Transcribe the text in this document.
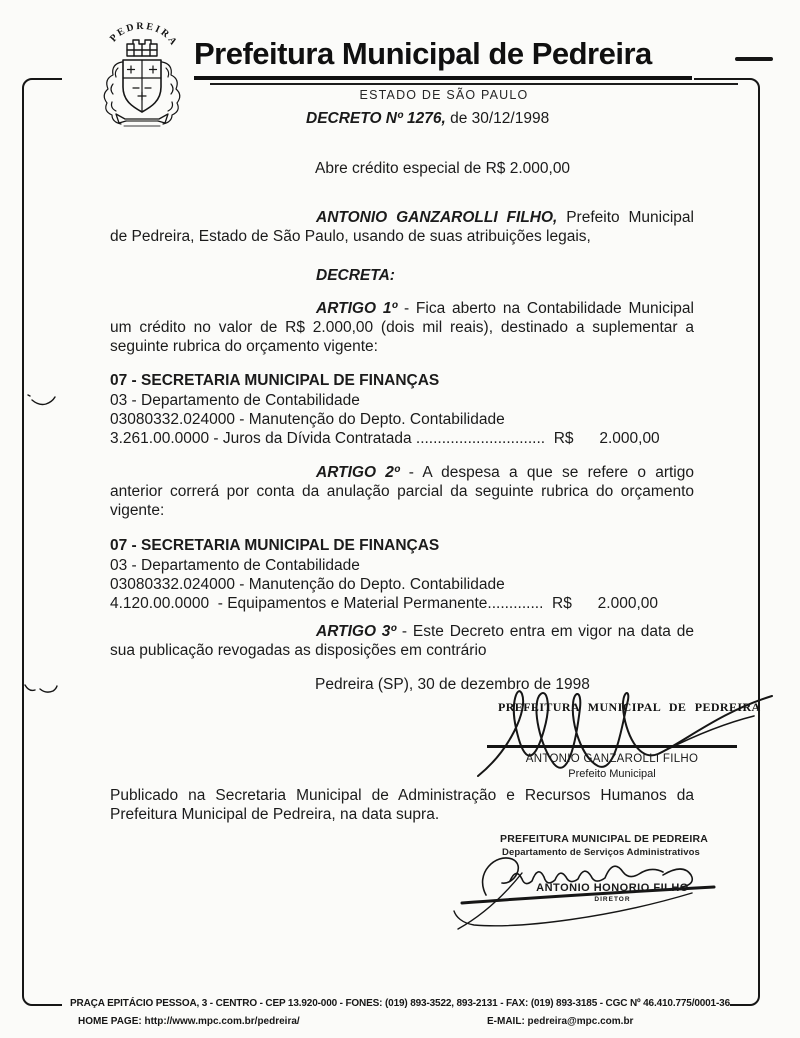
PEDREIRA Prefeitura Municipal de Pedreira
ESTADO DE SÃO PAULO
DECRETO Nº 1276, de 30/12/1998
Abre crédito especial de R$ 2.000,00

ANTONIO GANZAROLLI FILHO, Prefeito Municipal de Pedreira, Estado de São Paulo, usando de suas atribuições legais,

DECRETA:

ARTIGO 1º - Fica aberto na Contabilidade Municipal um crédito no valor de R$ 2.000,00 (dois mil reais), destinado a suplementar a seguinte rubrica do orçamento vigente:

07 - SECRETARIA MUNICIPAL DE FINANÇAS
03 - Departamento de Contabilidade
03080332.024000 - Manutenção do Depto. Contabilidade
3.261.00.0000 - Juros da Dívida Contratada ..............................  R$      2.000,00

ARTIGO 2º - A despesa a que se refere o artigo anterior correrá por conta da anulação parcial da seguinte rubrica do orçamento vigente:

07 - SECRETARIA MUNICIPAL DE FINANÇAS
03 - Departamento de Contabilidade
03080332.024000 - Manutenção do Depto. Contabilidade
4.120.00.0000  - Equipamentos e Material Permanente.............  R$      2.000,00

ARTIGO 3º - Este Decreto entra em vigor na data de sua publicação revogadas as disposições em contrário

Pedreira (SP), 30 de dezembro de 1998
PREFEITURA MUNICIPAL DE PEDREIRA
ANTONIO GANZAROLLI FILHO
Prefeito Municipal

Publicado na Secretaria Municipal de Administração e Recursos Humanos da Prefeitura Municipal de Pedreira, na data supra.

PREFEITURA MUNICIPAL DE PEDREIRA
Departamento de Serviços Administrativos
ANTONIO HONORIO FILHO
DIRETOR
PRAÇA EPITÁCIO PESSOA, 3 - CENTRO - CEP 13.920-000 - FONES: (019) 893-3522, 893-2131 - FAX: (019) 893-3185 - CGC Nº 46.410.775/0001-36
HOME PAGE: http://www.mpc.com.br/pedreira/	E-MAIL: pedreira@mpc.com.br
